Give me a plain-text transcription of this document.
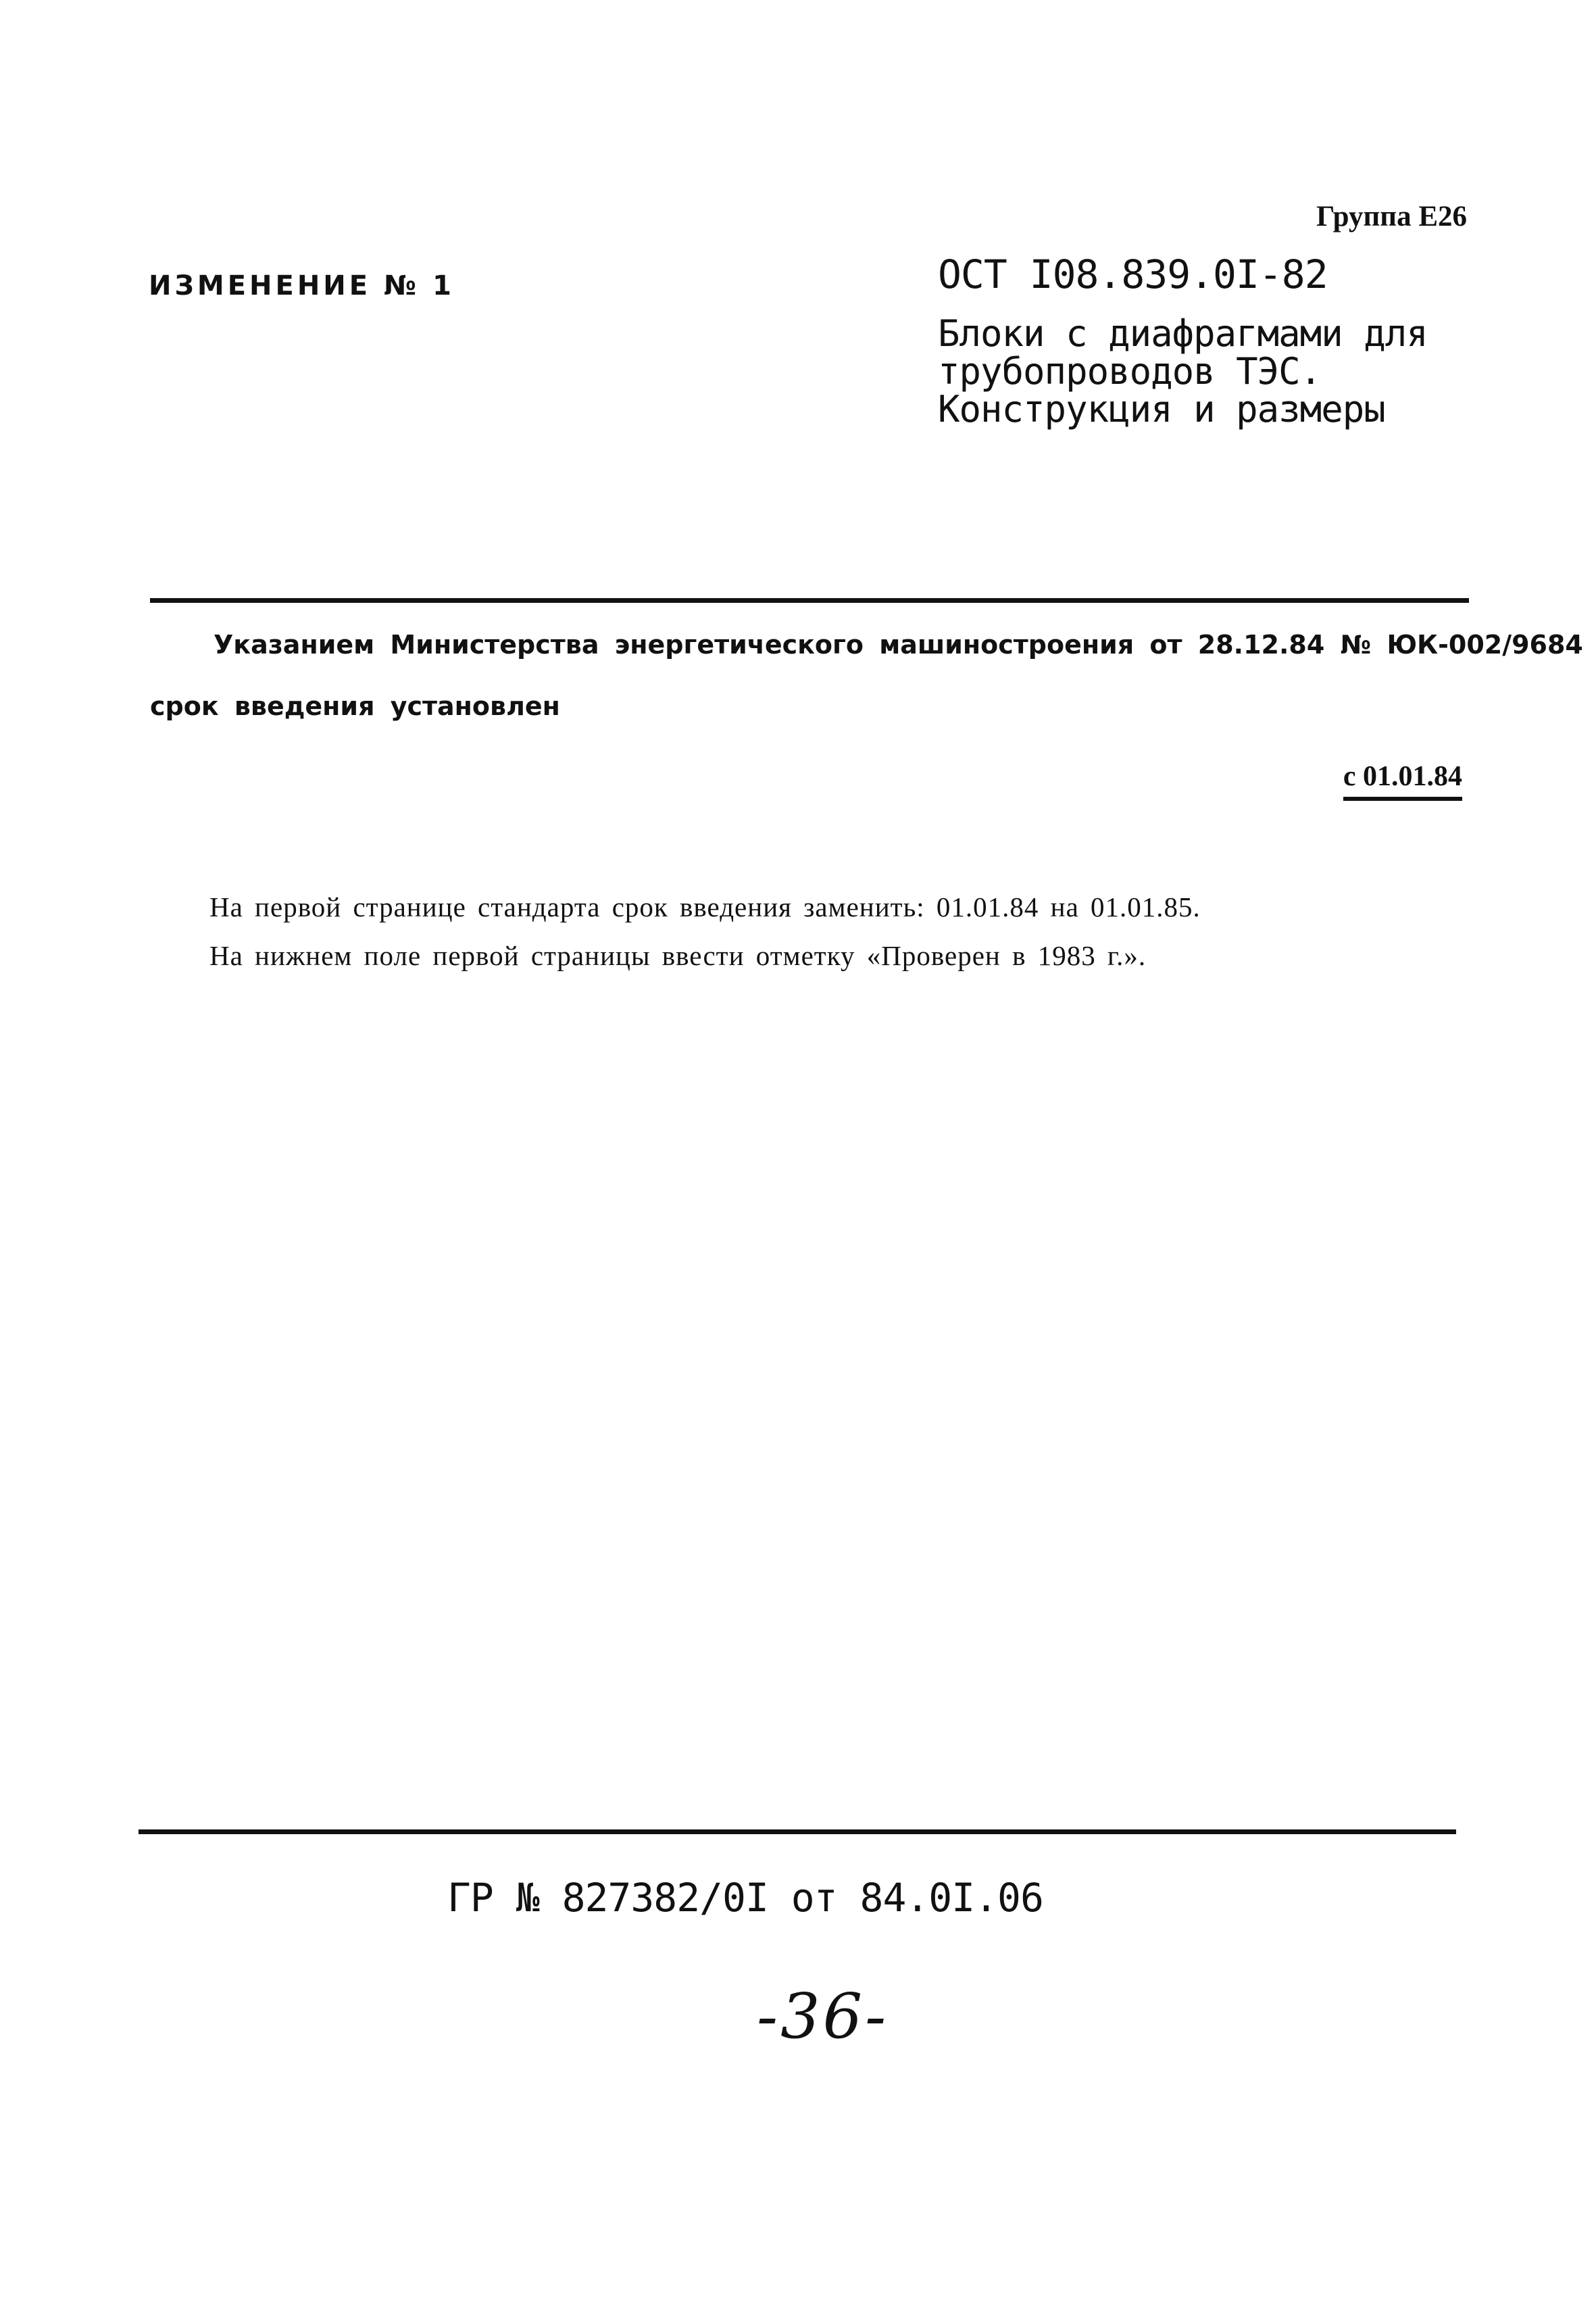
Группа Е26
ИЗМЕНЕНИЕ № 1	ОСТ I08.839.0I-82
Блоки с диафрагмами для
трубопроводов ТЭС.
Конструкция и размеры
Указанием Министерства энергетического машиностроения от 28.12.84 № ЮК-002/9684
срок введения установлен
с 01.01.84
На первой странице стандарта срок введения заменить: 01.01.84 на 01.01.85.
На нижнем поле первой страницы ввести отметку «Проверен в 1983 г.».
ГР № 827382/0I от 84.0I.06
-36-
